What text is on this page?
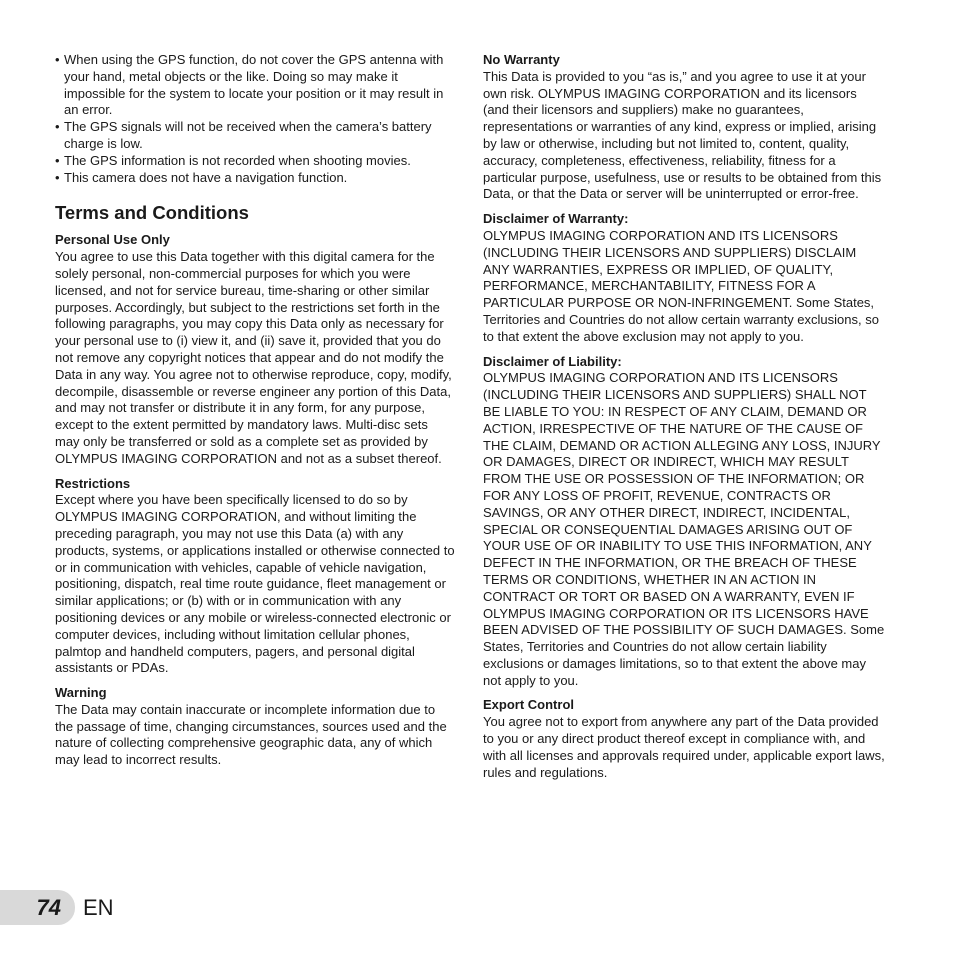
• When using the GPS function, do not cover the GPS antenna with your hand, metal objects or the like. Doing so may make it impossible for the system to locate your position or it may result in an error.
• The GPS signals will not be received when the camera’s battery charge is low.
• The GPS information is not recorded when shooting movies.
• This camera does not have a navigation function.
Terms and Conditions
Personal Use Only

You agree to use this Data together with this digital camera for the solely personal, non-commercial purposes for which you were licensed, and not for service bureau, time-sharing or other similar purposes. Accordingly, but subject to the restrictions set forth in the following paragraphs, you may copy this Data only as necessary for your personal use to (i) view it, and (ii) save it, provided that you do not remove any copyright notices that appear and do not modify the Data in any way. You agree not to otherwise reproduce, copy, modify, decompile, disassemble or reverse engineer any portion of this Data, and may not transfer or distribute it in any form, for any purpose, except to the extent permitted by mandatory laws. Multi-disc sets may only be transferred or sold as a complete set as provided by OLYMPUS IMAGING CORPORATION and not as a subset thereof.

Restrictions

Except where you have been specifically licensed to do so by OLYMPUS IMAGING CORPORATION, and without limiting the preceding paragraph, you may not use this Data (a) with any products, systems, or applications installed or otherwise connected to or in communication with vehicles, capable of vehicle navigation, positioning, dispatch, real time route guidance, fleet management or similar applications; or (b) with or in communication with any positioning devices or any mobile or wireless-connected electronic or computer devices, including without limitation cellular phones, palmtop and handheld computers, pagers, and personal digital assistants or PDAs.

Warning

The Data may contain inaccurate or incomplete information due to the passage of time, changing circumstances, sources used and the nature of collecting comprehensive geographic data, any of which may lead to incorrect results.

No Warranty

This Data is provided to you “as is,” and you agree to use it at your own risk. OLYMPUS IMAGING CORPORATION and its licensors (and their licensors and suppliers) make no guarantees, representations or warranties of any kind, express or implied, arising by law or otherwise, including but not limited to, content, quality, accuracy, completeness, effectiveness, reliability, fitness for a particular purpose, usefulness, use or results to be obtained from this Data, or that the Data or server will be uninterrupted or error-free.

Disclaimer of Warranty:

OLYMPUS IMAGING CORPORATION AND ITS LICENSORS (INCLUDING THEIR LICENSORS AND SUPPLIERS) DISCLAIM ANY WARRANTIES, EXPRESS OR IMPLIED, OF QUALITY, PERFORMANCE, MERCHANTABILITY, FITNESS FOR A PARTICULAR PURPOSE OR NON-INFRINGEMENT. Some States, Territories and Countries do not allow certain warranty exclusions, so to that extent the above exclusion may not apply to you.

Disclaimer of Liability:

OLYMPUS IMAGING CORPORATION AND ITS LICENSORS (INCLUDING THEIR LICENSORS AND SUPPLIERS) SHALL NOT BE LIABLE TO YOU: IN RESPECT OF ANY CLAIM, DEMAND OR ACTION, IRRESPECTIVE OF THE NATURE OF THE CAUSE OF THE CLAIM, DEMAND OR ACTION ALLEGING ANY LOSS, INJURY OR DAMAGES, DIRECT OR INDIRECT, WHICH MAY RESULT FROM THE USE OR POSSESSION OF THE INFORMATION; OR FOR ANY LOSS OF PROFIT, REVENUE, CONTRACTS OR SAVINGS, OR ANY OTHER DIRECT, INDIRECT, INCIDENTAL, SPECIAL OR CONSEQUENTIAL DAMAGES ARISING OUT OF YOUR USE OF OR INABILITY TO USE THIS INFORMATION, ANY DEFECT IN THE INFORMATION, OR THE BREACH OF THESE TERMS OR CONDITIONS, WHETHER IN AN ACTION IN CONTRACT OR TORT OR BASED ON A WARRANTY, EVEN IF OLYMPUS IMAGING CORPORATION OR ITS LICENSORS HAVE BEEN ADVISED OF THE POSSIBILITY OF SUCH DAMAGES. Some States, Territories and Countries do not allow certain liability exclusions or damages limitations, so to that extent the above may not apply to you.

Export Control

You agree not to export from anywhere any part of the Data provided to you or any direct product thereof except in compliance with, and with all licenses and approvals required under, applicable export laws, rules and regulations.

74 EN
